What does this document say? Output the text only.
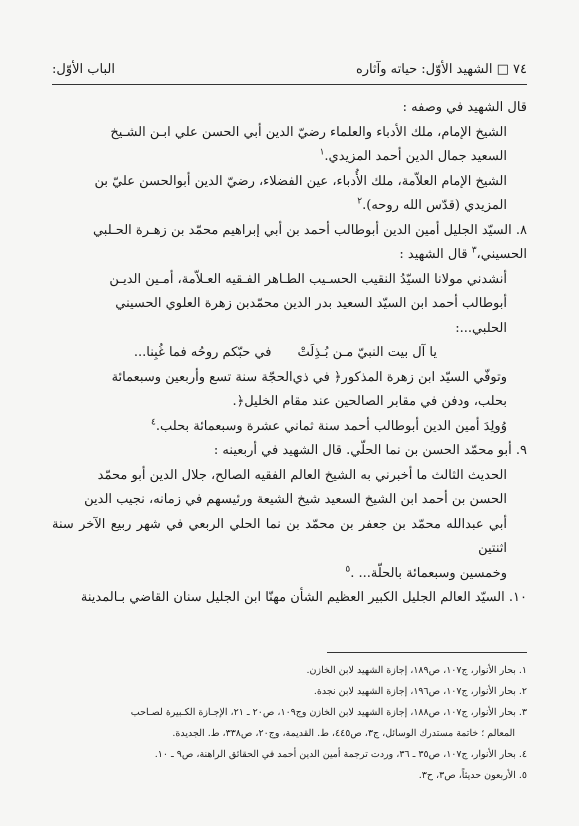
٧٤ □ الشهيد الأوّل: حياته وآثاره
الباب الأوّل:

قال الشهيد في وصفه :

الشيخ الإمام، ملك الأدباء والعلماء رضيّ الدين أبي الحسن علي ابـن الشـيخ

السعيد جمال الدين أحمد المزيدي.$^١$

الشيخ الإمام العلاّمة، ملك الأُدباء، عين الفضلاء، رضيّ الدين أبوالحسن عليّ بن

المزيدي (قدّس الله روحه).$^٢$

٨. السيّد الجليل أمين الدين أبوطالب أحمد بن أبي إبراهيم محمّد بن زهـرة الحـلبي

الحسيني،$^٣$ قال الشهيد :

أنشدني مولانا السيّدُ النقيب الحسـيب الطـاهر الفـقيه العـلاّمة، أمـين الديـن

أبوطالب أحمد ابن السيّد السعيد بدر الدين محمّدبن زهرة العلوي الحسيني

الحلبي...:

يا آل بيت النبيّ مـن بُـذِلَتْفي حبّكم روحُه فما غُبِنا...

وتوفّي السيّد ابن زهرة المذكور﴿ في ذي‌الحجّة سنة تسع وأربعين وسبعمائة

بحلب، ودفن في مقابر الصالحين عند مقام الخليل﴿.

وُولِدَ أمين الدين أبوطالب أحمد سنة ثماني عشرة وسبعمائة بحلب.$^٤$

٩. أبو محمّد الحسن بن نما الحلّي. قال الشهيد في أربعينه :

الحديث الثالث ما أخبرني به الشيخ العالم الفقيه الصالح، جلال الدين أبو محمّد

الحسن بن أحمد ابن الشيخ السعيد شيخ الشيعة ورئيسهم في زمانه، نجيب الدين

أبي عبدالله محمّد بن جعفر بن محمّد بن نما الحلي الربعي في شهر ربيع الآخر سنة اثنتين

وخمسين وسبعمائة بالحلّة... .$^٥$

١٠. السيّد العالم الجليل الكبير العظيم الشأن مهنّا ابن الجليل سنان القاضي بـالمدينة

١. بحار الأنوار، ج١٠٧، ص١٨٩، إجازة الشهيد لابن الخازن.

٢. بحار الأنوار، ج١٠٧، ص١٩٦، إجازة الشهيد لابن نجدة.

٣. بحار الأنوار، ج١٠٧، ص١٨٨، إجازة الشهيد لابن الخازن وج١٠٩، ص٢٠ ـ ٢١، الإجـازة الكـبيرة لصـاحب

المعالم ؛ خاتمة مستدرك الوسائل، ج٣، ص٤٤٥، ط. القديمة، وج٢٠، ص٣٣٨، ط. الجديدة.

٤. بحار الأنوار، ج١٠٧، ص٣٥ ـ ٣٦، وردت ترجمة أمين الدين أحمد في الحقائق الراهنة، ص٩ ـ ١٠.

٥. الأربعون حديثاً، ص٣، ح٣.
